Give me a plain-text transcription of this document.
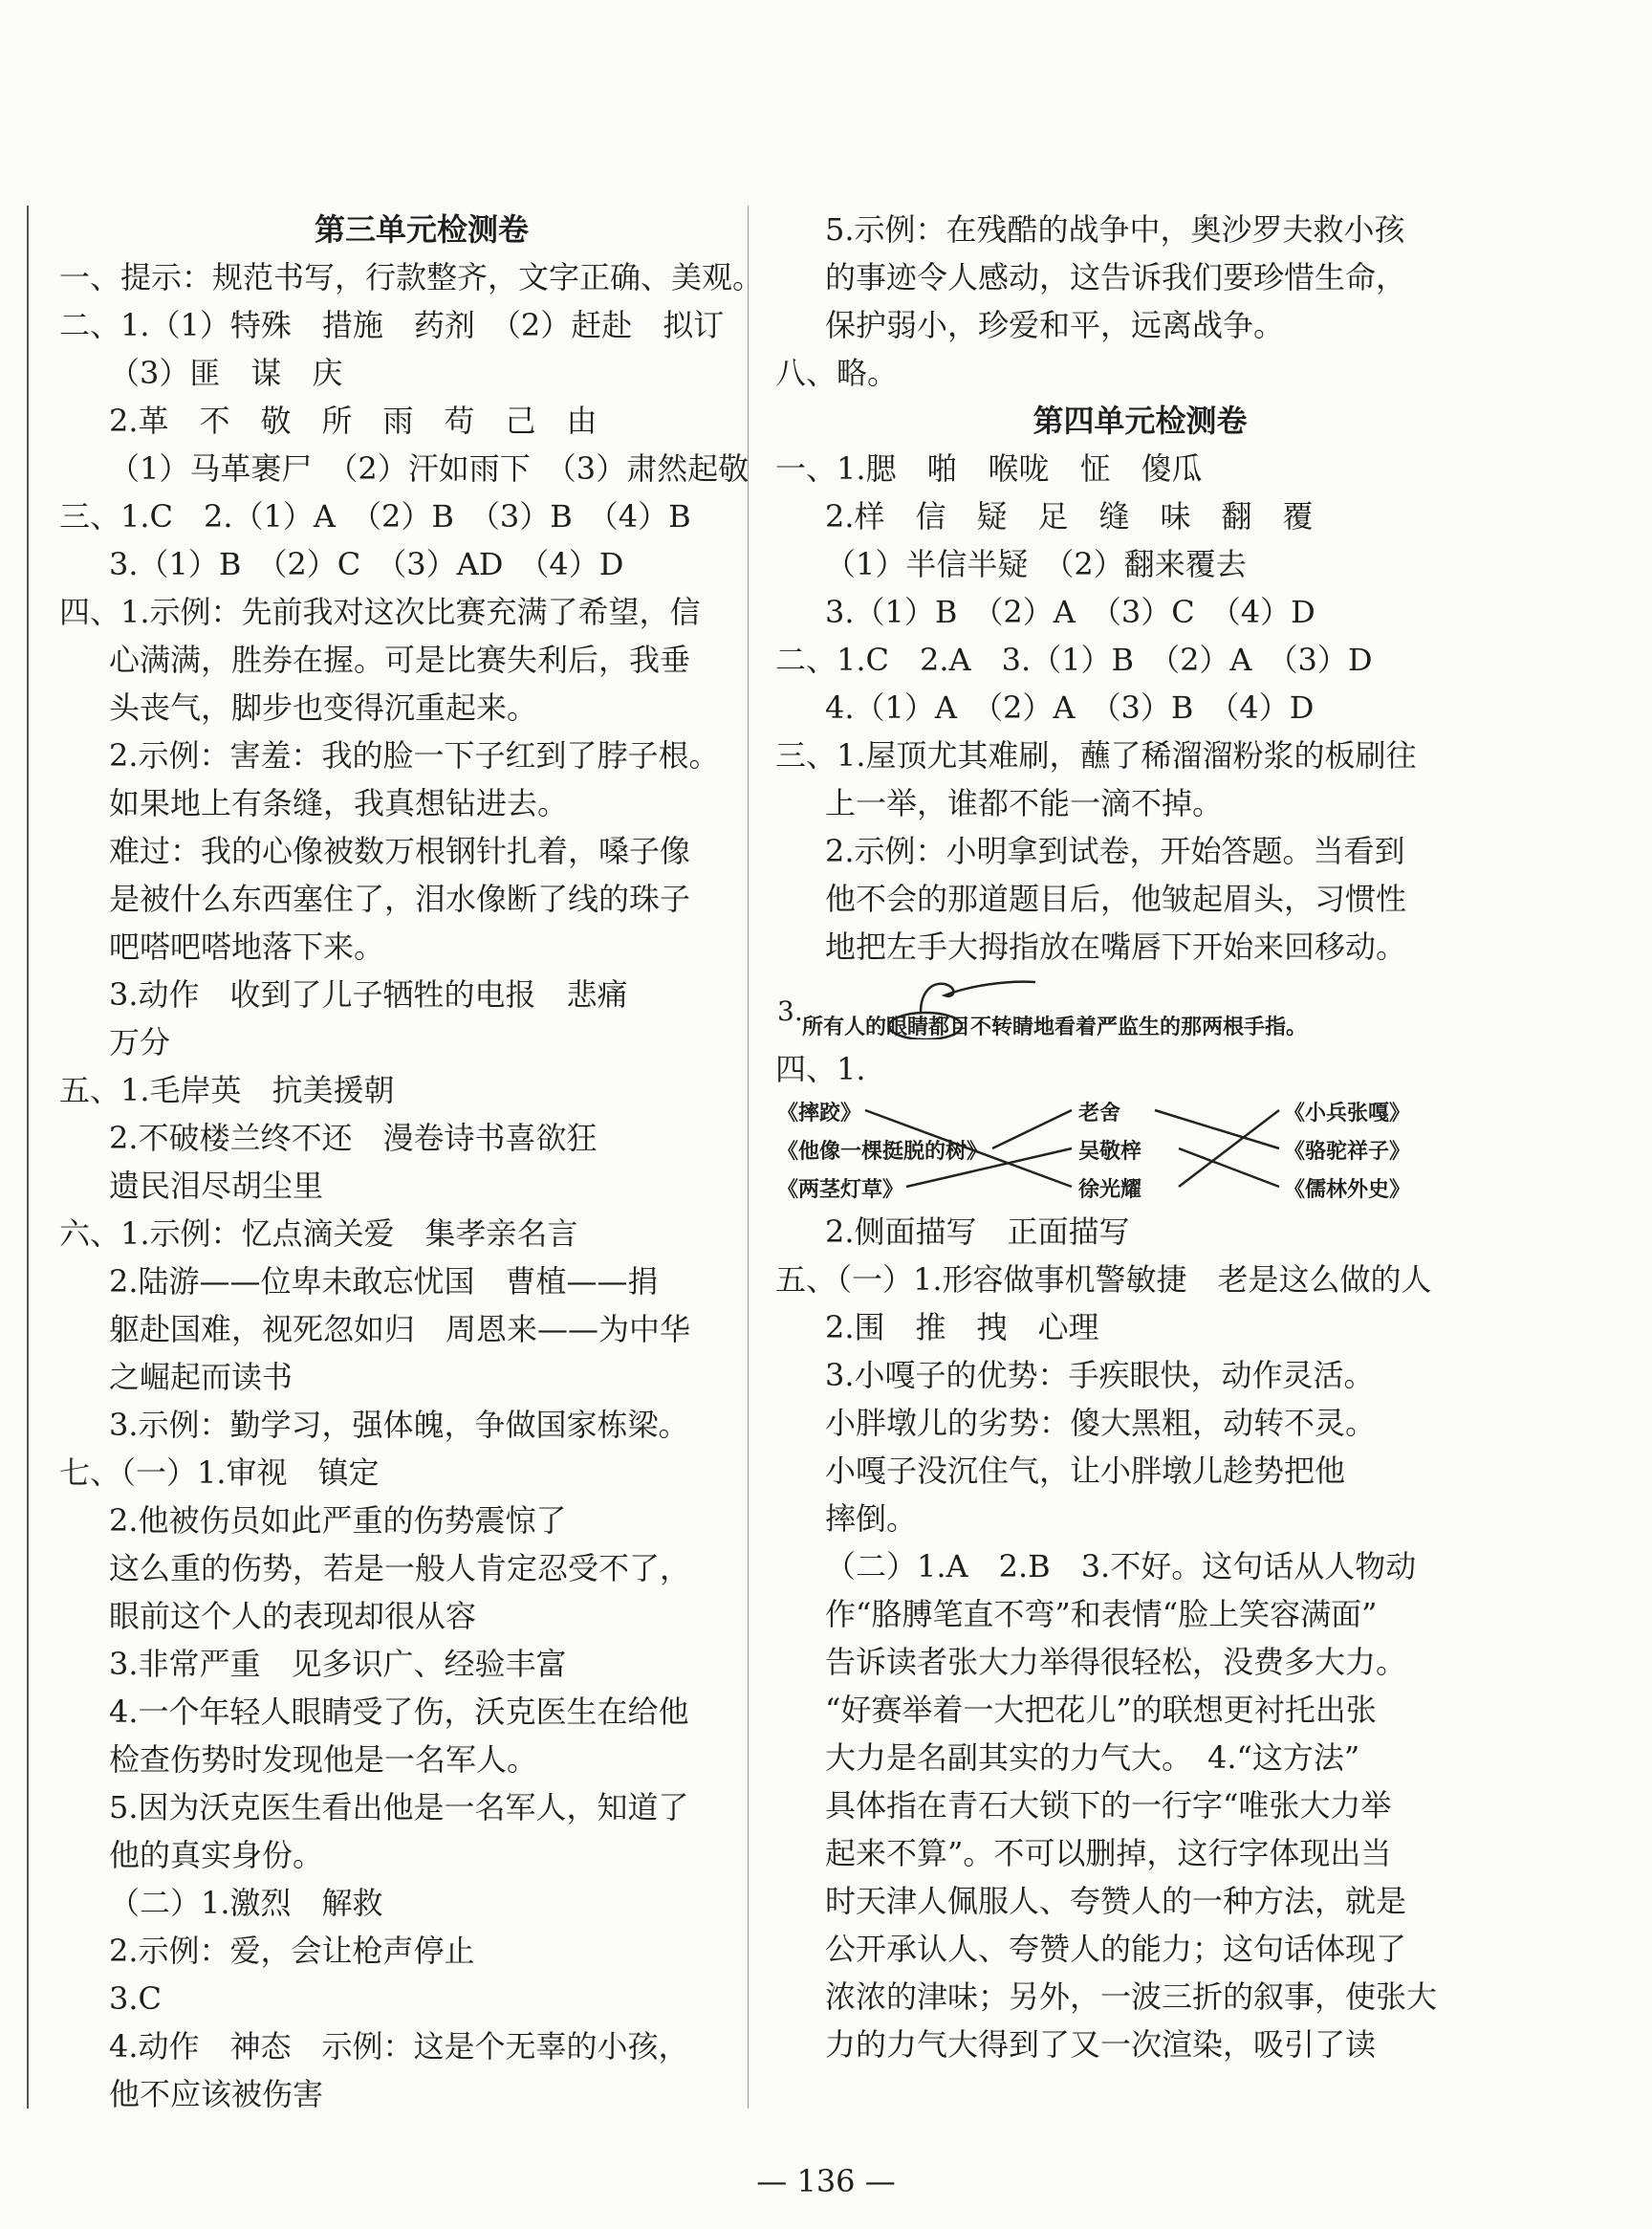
第三单元检测卷
一、提示：规范书写，行款整齐，文字正确、美观。
二、1.（1）特殊　措施　药剂　（2）赶赴　拟订
（3）匪　谋　庆
2.革　不　敬　所　雨　苟　己　由
（1）马革裹尸　（2）汗如雨下　（3）肃然起敬
三、1.C　2.（1）A　（2）B　（3）B　（4）B
3.（1）B　（2）C　（3）AD　（4）D
四、1.示例：先前我对这次比赛充满了希望，信
心满满，胜券在握。可是比赛失利后，我垂
头丧气，脚步也变得沉重起来。
2.示例：害羞：我的脸一下子红到了脖子根。
如果地上有条缝，我真想钻进去。
难过：我的心像被数万根钢针扎着，嗓子像
是被什么东西塞住了，泪水像断了线的珠子
吧嗒吧嗒地落下来。
3.动作　收到了儿子牺牲的电报　悲痛
万分
五、1.毛岸英　抗美援朝
2.不破楼兰终不还　漫卷诗书喜欲狂
遗民泪尽胡尘里
六、1.示例：忆点滴关爱　集孝亲名言
2.陆游——位卑未敢忘忧国　曹植——捐
躯赴国难，视死忽如归　周恩来——为中华
之崛起而读书
3.示例：勤学习，强体魄，争做国家栋梁。
七、（一）1.审视　镇定
2.他被伤员如此严重的伤势震惊了
这么重的伤势，若是一般人肯定忍受不了，
眼前这个人的表现却很从容
3.非常严重　见多识广、经验丰富
4.一个年轻人眼睛受了伤，沃克医生在给他
检查伤势时发现他是一名军人。
5.因为沃克医生看出他是一名军人，知道了
他的真实身份。
（二）1.激烈　解救
2.示例：爱，会让枪声停止
3.C
4.动作　神态　示例：这是个无辜的小孩，
他不应该被伤害
5.示例：在残酷的战争中，奥沙罗夫救小孩
的事迹令人感动，这告诉我们要珍惜生命，
保护弱小，珍爱和平，远离战争。
八、略。
第四单元检测卷
一、1.腮　啪　喉咙　怔　傻瓜
2.样　信　疑　足　缝　味　翻　覆
（1）半信半疑　（2）翻来覆去
3.（1）B　（2）A　（3）C　（4）D
二、1.C　2.A　3.（1）B　（2）A　（3）D
4.（1）A　（2）A　（3）B　（4）D
三、1.屋顶尤其难刷，蘸了稀溜溜粉浆的板刷往
上一举，谁都不能一滴不掉。
2.示例：小明拿到试卷，开始答题。当看到
他不会的那道题目后，他皱起眉头，习惯性
地把左手大拇指放在嘴唇下开始来回移动。
3. 所有人的眼睛都目不转睛地看着严监生的那两根手指。
四、1.
《摔跤》
《他像一棵挺脱的树》
《两茎灯草》
老舍
吴敬梓
徐光耀
《小兵张嘎》
《骆驼祥子》
《儒林外史》
2.侧面描写　正面描写
五、（一）1.形容做事机警敏捷　老是这么做的人
2.围　推　拽　心理
3.小嘎子的优势：手疾眼快，动作灵活。
小胖墩儿的劣势：傻大黑粗，动转不灵。
小嘎子没沉住气，让小胖墩儿趁势把他
摔倒。
（二）1.A　2.B　3.不好。这句话从人物动
作“胳膊笔直不弯”和表情“脸上笑容满面”
告诉读者张大力举得很轻松，没费多大力。
“好赛举着一大把花儿”的联想更衬托出张
大力是名副其实的力气大。　4.“这方法”
具体指在青石大锁下的一行字“唯张大力举
起来不算”。不可以删掉，这行字体现出当
时天津人佩服人、夸赞人的一种方法，就是
公开承认人、夸赞人的能力；这句话体现了
浓浓的津味；另外，一波三折的叙事，使张大
力的力气大得到了又一次渲染，吸引了读
— 136 —
